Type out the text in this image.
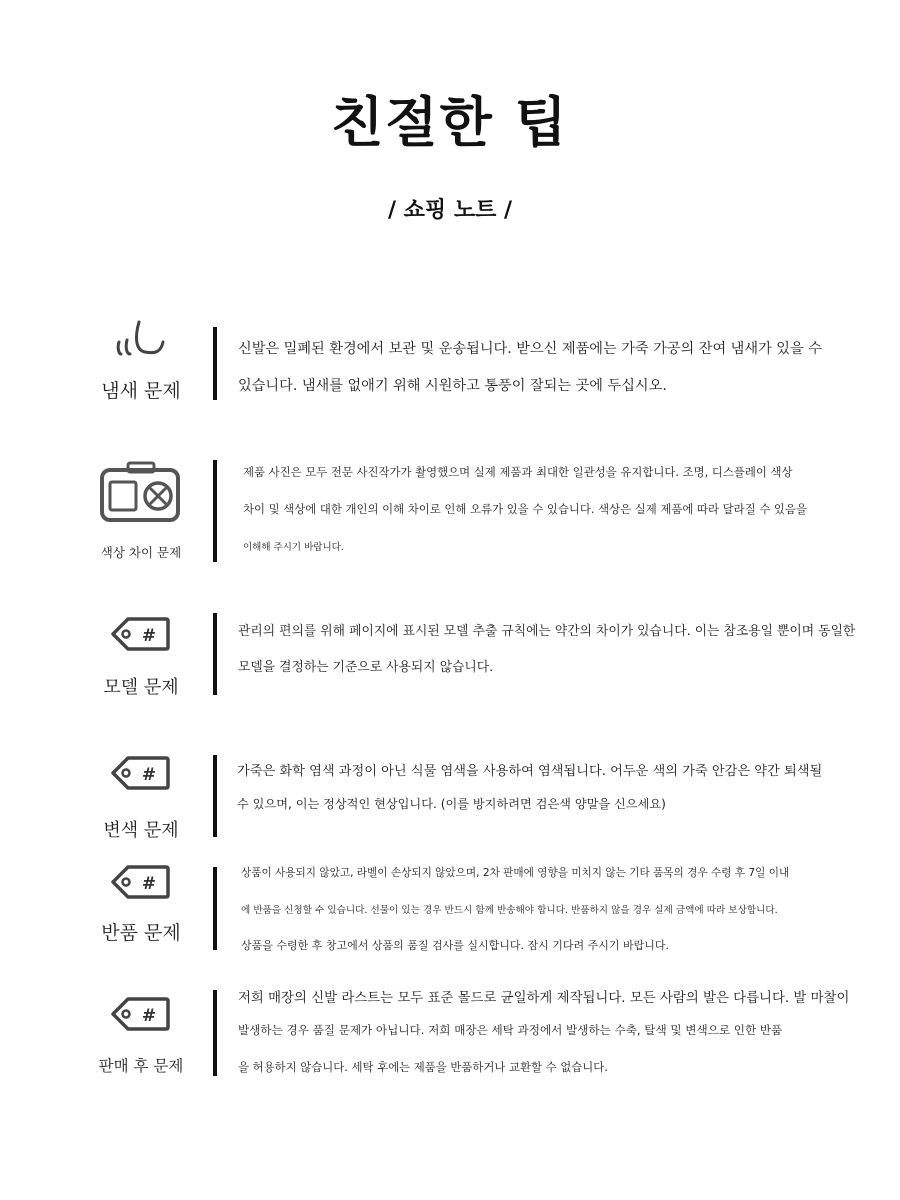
친절한 팁
/ 쇼핑 노트 /
냄새 문제
신발은 밀폐된 환경에서 보관 및 운송됩니다. 받으신 제품에는 가죽 가공의 잔여 냄새가 있을 수
있습니다. 냄새를 없애기 위해 시원하고 통풍이 잘되는 곳에 두십시오.
색상 차이 문제
제품 사진은 모두 전문 사진작가가 촬영했으며 실제 제품과 최대한 일관성을 유지합니다. 조명, 디스플레이 색상
차이 및 색상에 대한 개인의 이해 차이로 인해 오류가 있을 수 있습니다. 색상은 실제 제품에 따라 달라질 수 있음을
이해해 주시기 바랍니다.
#
모델 문제
관리의 편의를 위해 페이지에 표시된 모델 추출 규칙에는 약간의 차이가 있습니다. 이는 참조용일 뿐이며 동일한
모델을 결정하는 기준으로 사용되지 않습니다.
#
변색 문제
가죽은 화학 염색 과정이 아닌 식물 염색을 사용하여 염색됩니다. 어두운 색의 가죽 안감은 약간 퇴색될
수 있으며, 이는 정상적인 현상입니다. (이를 방지하려면 검은색 양말을 신으세요)
#
반품 문제
상품이 사용되지 않았고, 라벨이 손상되지 않았으며, 2차 판매에 영향을 미치지 않는 기타 품목의 경우 수령 후 7일 이내
에 반품을 신청할 수 있습니다. 선물이 있는 경우 반드시 함께 반송해야 합니다. 반품하지 않을 경우 실제 금액에 따라 보상합니다.
상품을 수령한 후 창고에서 상품의 품질 검사를 실시합니다. 잠시 기다려 주시기 바랍니다.
#
판매 후 문제
저희 매장의 신발 라스트는 모두 표준 몰드로 균일하게 제작됩니다. 모든 사람의 발은 다릅니다. 발 마찰이
발생하는 경우 품질 문제가 아닙니다. 저희 매장은 세탁 과정에서 발생하는 수축, 탈색 및 변색으로 인한 반품
을 허용하지 않습니다. 세탁 후에는 제품을 반품하거나 교환할 수 없습니다.
